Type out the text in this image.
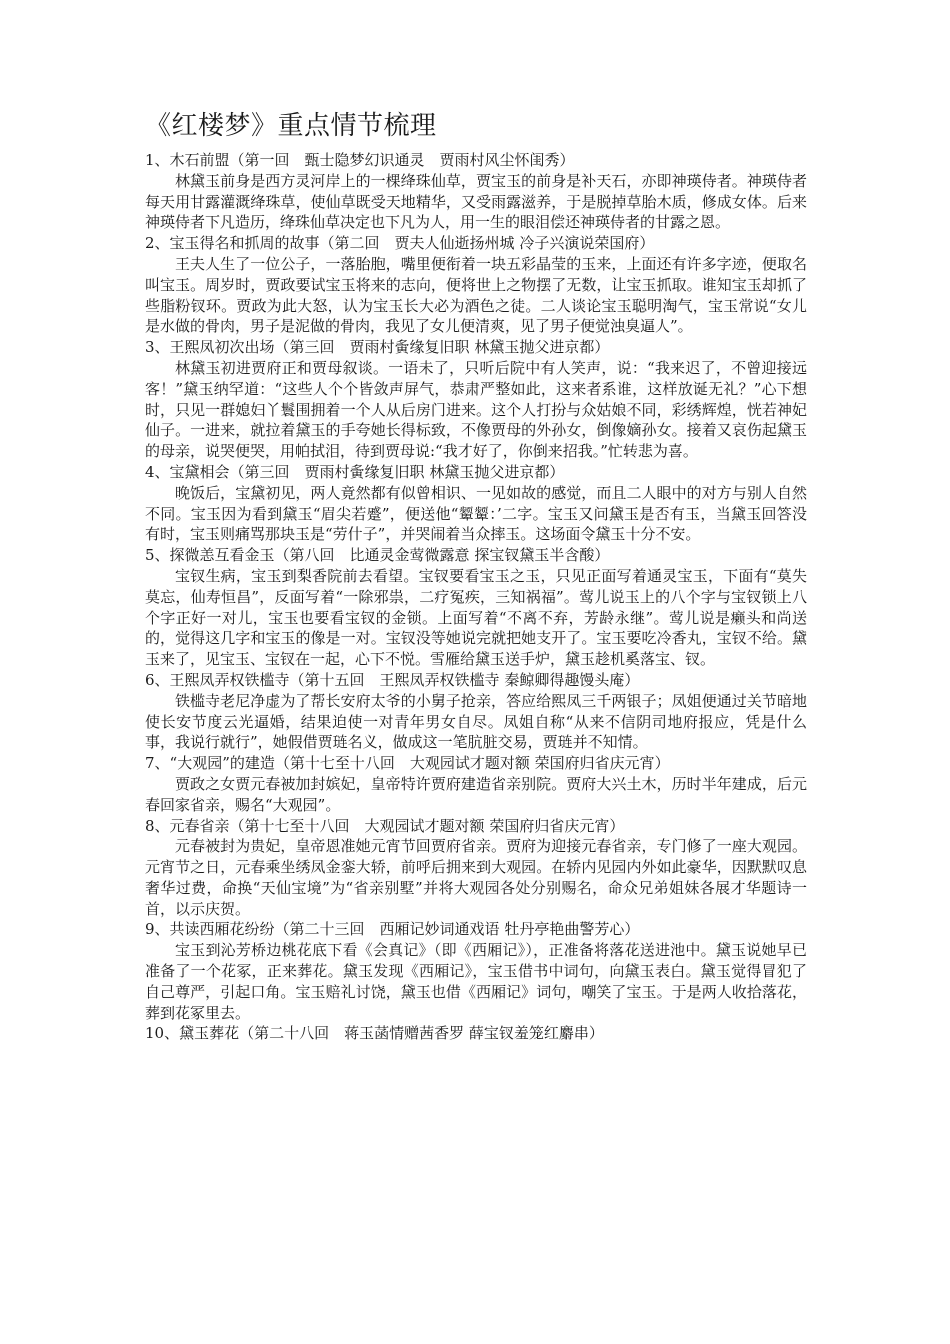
《红楼梦》重点情节梳理
1、木石前盟（第一回　甄士隐梦幻识通灵　贾雨村风尘怀闺秀）

林黛玉前身是西方灵河岸上的一棵绛珠仙草，贾宝玉的前身是补天石，亦即神瑛侍者。神瑛侍者每天用甘露灌溉绛珠草，使仙草既受天地精华，又受雨露滋养，于是脱掉草胎木质，修成女体。后来神瑛侍者下凡造历，绛珠仙草决定也下凡为人，用一生的眼泪偿还神瑛侍者的甘露之恩。

2、宝玉得名和抓周的故事（第二回　贾夫人仙逝扬州城 冷子兴演说荣国府）

王夫人生了一位公子，一落胎胞，嘴里便衔着一块五彩晶莹的玉来，上面还有许多字迹，便取名叫宝玉。周岁时，贾政要试宝玉将来的志向，便将世上之物摆了无数，让宝玉抓取。谁知宝玉却抓了些脂粉钗环。贾政为此大怒，认为宝玉长大必为酒色之徒。二人谈论宝玉聪明淘气，宝玉常说“女儿是水做的骨肉，男子是泥做的骨肉，我见了女儿便清爽，见了男子便觉浊臭逼人”。

3、王熙凤初次出场（第三回　贾雨村夤缘复旧职 林黛玉抛父进京都）

林黛玉初进贾府正和贾母叙谈。一语未了，只听后院中有人笑声，说：“我来迟了，不曾迎接远客！”黛玉纳罕道：“这些人个个皆敛声屏气，恭肃严整如此，这来者系谁，这样放诞无礼？”心下想时，只见一群媳妇丫鬟围拥着一个人从后房门进来。这个人打扮与众姑娘不同，彩绣辉煌，恍若神妃仙子。一进来，就拉着黛玉的手夸她长得标致，不像贾母的外孙女，倒像嫡孙女。接着又哀伤起黛玉的母亲，说哭便哭，用帕拭泪，待到贾母说:“我才好了，你倒来招我。”忙转悲为喜。

4、宝黛相会（第三回　贾雨村夤缘复旧职 林黛玉抛父进京都）

晚饭后，宝黛初见，两人竟然都有似曾相识、一见如故的感觉，而且二人眼中的对方与别人自然不同。宝玉因为看到黛玉“眉尖若蹙”，便送他“颦颦：’二字。宝玉又问黛玉是否有玉，当黛玉回答没有时，宝玉则痛骂那块玉是“劳什子”，并哭闹着当众摔玉。这场面令黛玉十分不安。

5、探微恙互看金玉（第八回　比通灵金莺微露意 探宝钗黛玉半含酸）

宝钗生病，宝玉到梨香院前去看望。宝钗要看宝玉之玉，只见正面写着通灵宝玉，下面有“莫失莫忘，仙寿恒昌”，反面写着“一除邪祟，二疗冤疾，三知祸福”。莺儿说玉上的八个字与宝钗锁上八个字正好一对儿，宝玉也要看宝钗的金锁。上面写着“不离不弃，芳龄永继”。莺儿说是癞头和尚送的，觉得这几字和宝玉的像是一对。宝钗没等她说完就把她支开了。宝玉要吃冷香丸，宝钗不给。黛玉来了，见宝玉、宝钗在一起，心下不悦。雪雁给黛玉送手炉，黛玉趁机奚落宝、钗。

6、王熙凤弄权铁槛寺（第十五回　王熙凤弄权铁槛寺 秦鲸卿得趣馒头庵）

铁槛寺老尼净虚为了帮长安府太爷的小舅子抢亲，答应给熙凤三千两银子；凤姐便通过关节暗地使长安节度云光逼婚，结果迫使一对青年男女自尽。凤姐自称“从来不信阴司地府报应，凭是什么事，我说行就行”，她假借贾琏名义，做成这一笔肮脏交易，贾琏并不知情。

7、“大观园”的建造（第十七至十八回　大观园试才题对额 荣国府归省庆元宵）

贾政之女贾元春被加封嫔妃，皇帝特许贾府建造省亲别院。贾府大兴土木，历时半年建成，后元春回家省亲，赐名“大观园”。

8、元春省亲（第十七至十八回　大观园试才题对额 荣国府归省庆元宵）

元春被封为贵妃，皇帝恩准她元宵节回贾府省亲。贾府为迎接元春省亲，专门修了一座大观园。元宵节之日，元春乘坐绣凤金銮大轿，前呼后拥来到大观园。在轿内见园内外如此豪华，因默默叹息奢华过费，命换“天仙宝境”为“省亲别墅”并将大观园各处分别赐名，命众兄弟姐妹各展才华题诗一首，以示庆贺。

9、共读西厢花纷纷（第二十三回　西厢记妙词通戏语 牡丹亭艳曲警芳心）

宝玉到沁芳桥边桃花底下看《会真记》（即《西厢记》），正准备将落花送进池中。黛玉说她早已准备了一个花冢，正来葬花。黛玉发现《西厢记》，宝玉借书中词句，向黛玉表白。黛玉觉得冒犯了自己尊严，引起口角。宝玉赔礼讨饶，黛玉也借《西厢记》词句，嘲笑了宝玉。于是两人收拾落花，葬到花冢里去。

10、黛玉葬花（第二十八回　蒋玉菡情赠茜香罗 薛宝钗羞笼红麝串）
